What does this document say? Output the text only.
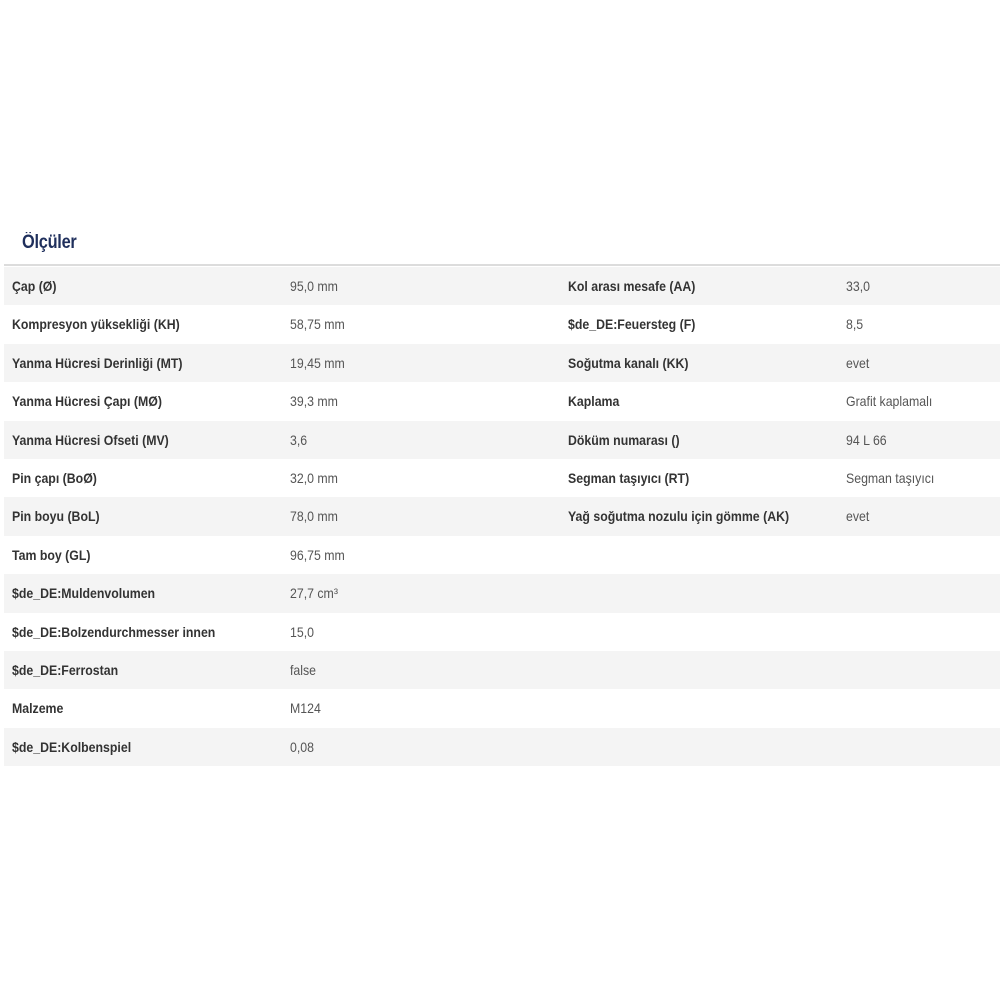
Ölçüler
Çap (Ø)	95,0 mm	Kol arası mesafe (AA)	33,0
Kompresyon yüksekliği (KH)	58,75 mm	$de_DE:Feuersteg (F)	8,5
Yanma Hücresi Derinliği (MT)	19,45 mm	Soğutma kanalı (KK)	evet
Yanma Hücresi Çapı (MØ)	39,3 mm	Kaplama	Grafit kaplamalı
Yanma Hücresi Ofseti (MV)	3,6	Döküm numarası ()	94 L 66
Pin çapı (BoØ)	32,0 mm	Segman taşıyıcı (RT)	Segman taşıyıcı
Pin boyu (BoL)	78,0 mm	Yağ soğutma nozulu için gömme (AK)	evet
Tam boy (GL)	96,75 mm
$de_DE:Muldenvolumen	27,7 cm³
$de_DE:Bolzendurchmesser innen	15,0
$de_DE:Ferrostan	false
Malzeme	M124
$de_DE:Kolbenspiel	0,08
